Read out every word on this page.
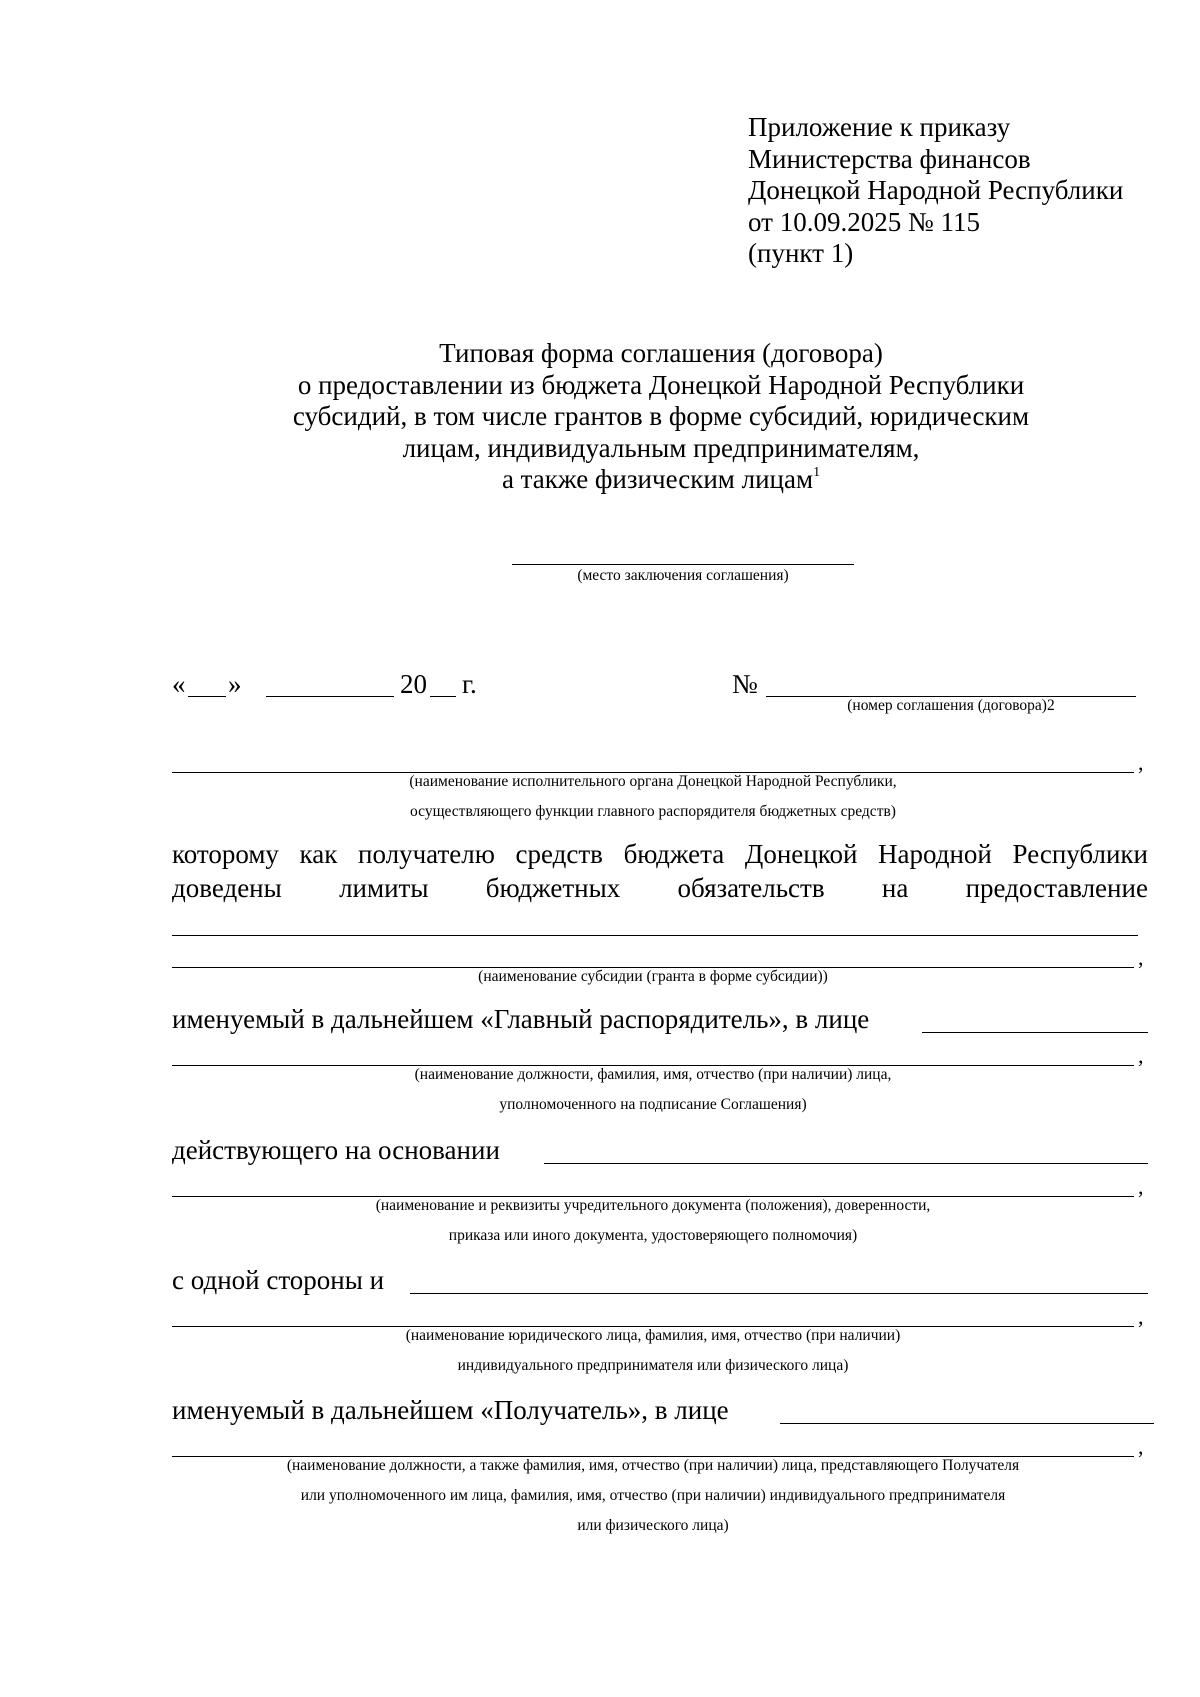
Приложение к приказу
Министерства финансов
Донецкой Народной Республики
от 10.09.2025 № 115
(пункт 1)
Типовая форма соглашения (договора)
о предоставлении из бюджета Донецкой Народной Республики
субсидий, в том числе грантов в форме субсидий, юридическим
лицам, индивидуальным предпринимателям,
а также физическим лицам$^1$
(место заключения соглашения)
« »	20 г.	№
(номер соглашения (договора)2
,
(наименование исполнительного органа Донецкой Народной Республики,
осуществляющего функции главного распорядителя бюджетных средств)
которому как получателю средств бюджета Донецкой Народной Республики
доведены лимиты бюджетных обязательств на предоставление
,
(наименование субсидии (гранта в форме субсидии))
именуемый в дальнейшем «Главный распорядитель», в лице
,
(наименование должности, фамилия, имя, отчество (при наличии) лица,
уполномоченного на подписание Соглашения)
действующего на основании
,
(наименование и реквизиты учредительного документа (положения), доверенности,
приказа или иного документа, удостоверяющего полномочия)
с одной стороны и
,
(наименование юридического лица, фамилия, имя, отчество (при наличии)
индивидуального предпринимателя или физического лица)
именуемый в дальнейшем «Получатель», в лице
,
(наименование должности, а также фамилия, имя, отчество (при наличии) лица, представляющего Получателя
или уполномоченного им лица, фамилия, имя, отчество (при наличии) индивидуального предпринимателя
или физического лица)
